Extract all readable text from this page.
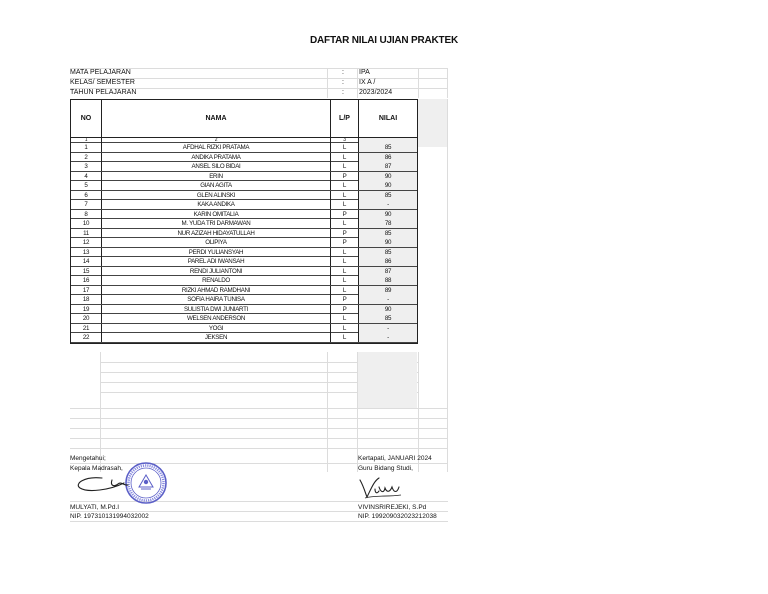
DAFTAR NILAI UJIAN PRAKTEK
MATA PELAJARAN	: IPA
KELAS/ SEMESTER	: IX A /
TAHUN PELAJARAN	: 2023/2024
NO	NAMA	L/P	NILAI
1	2	3
1	AFDHAL RIZKI PRATAMA	L	85
2	ANDIKA PRATAMA	L	86
3	ANSEL SILO BIDAI	L	87
4	ERIN	P	90
5	GIAN AGITA	L	90
6	GLEN ALINSKI	L	85
7	KAKA ANDIKA	L	-
8	KARIN OMITALIA	P	90
10	M. YUDA TRI DARMAWAN	L	78
11	NUR AZIZAH HIDAYATULLAH	P	85
12	OLIPIYA	P	90
13	PERDI YULIANSYAH	L	85
14	PAREL ADI IWANSAH	L	86
15	RENDI JULIANTONI	L	87
16	RENALDO	L	88
17	RIZKI AHMAD RAMDHANI	L	89
18	SOFIA HAIRA TUNISA	P	-
19	SULISTIA DWI JUNIARTI	P	90
20	WELSEN ANDERSON	L	85
21	YOGI	L	-
22	JEKSEN	L	-
Mengetahui;
Kepala Madrasah,
MULYATI, M.Pd.I
NIP. 197310131994032002
Kertapati, JANUARI 2024
Guru Bidang Studi,
VIVINSRIREJEKI, S.Pd
NIP. 199209032023212038
